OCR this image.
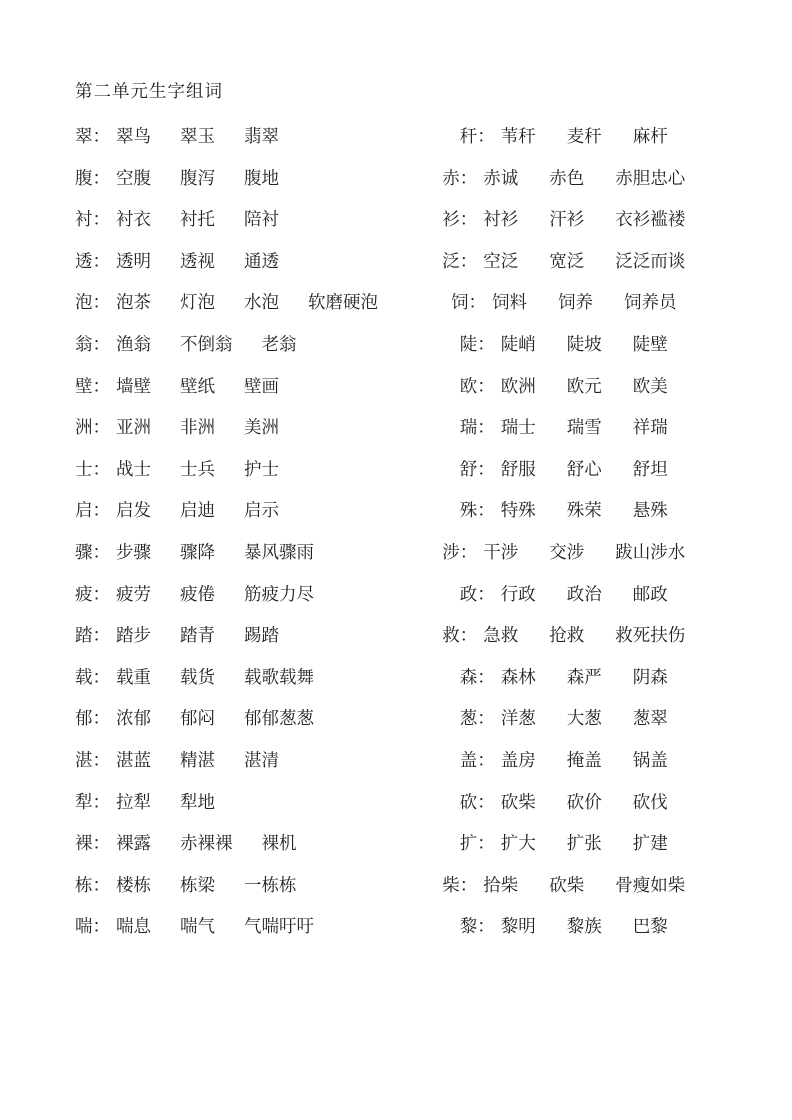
第二单元生字组词
翠 ： 翠鸟 翠玉 翡翠	秆 ： 苇秆 麦秆 麻杆
腹 ： 空腹 腹泻 腹地	赤 ： 赤诚 赤色 赤胆忠心
衬 ： 衬衣 衬托 陪衬	衫 ： 衬衫 汗衫 衣衫褴褛
透 ： 透明 透视 通透	泛 ： 空泛 宽泛 泛泛而谈
泡 ： 泡茶 灯泡 水泡 软磨硬泡	饲 ： 饲料 饲养 饲养员
翁 ： 渔翁 不倒翁 老翁	陡 ： 陡峭 陡坡 陡壁
壁 ： 墙壁 壁纸 壁画	欧 ： 欧洲 欧元 欧美
洲 ： 亚洲 非洲 美洲	瑞 ： 瑞士 瑞雪 祥瑞
士 ： 战士 士兵 护士	舒 ： 舒服 舒心 舒坦
启 ： 启发 启迪 启示	殊 ： 特殊 殊荣 悬殊
骤 ： 步骤 骤降 暴风骤雨	涉 ： 干涉 交涉 跋山涉水
疲 ： 疲劳 疲倦 筋疲力尽	政 ： 行政 政治 邮政
踏 ： 踏步 踏青 踢踏	救 ： 急救 抢救 救死扶伤
载 ： 载重 载货 载歌载舞	森 ： 森林 森严 阴森
郁 ： 浓郁 郁闷 郁郁葱葱	葱 ： 洋葱 大葱 葱翠
湛 ： 湛蓝 精湛 湛清	盖 ： 盖房 掩盖 锅盖
犁 ： 拉犁 犁地	砍 ： 砍柴 砍价 砍伐
裸 ： 裸露 赤裸裸 裸机	扩 ： 扩大 扩张 扩建
栋 ： 楼栋 栋梁 一栋栋	柴 ： 拾柴 砍柴 骨瘦如柴
喘 ： 喘息 喘气 气喘吁吁	黎 ： 黎明 黎族 巴黎
